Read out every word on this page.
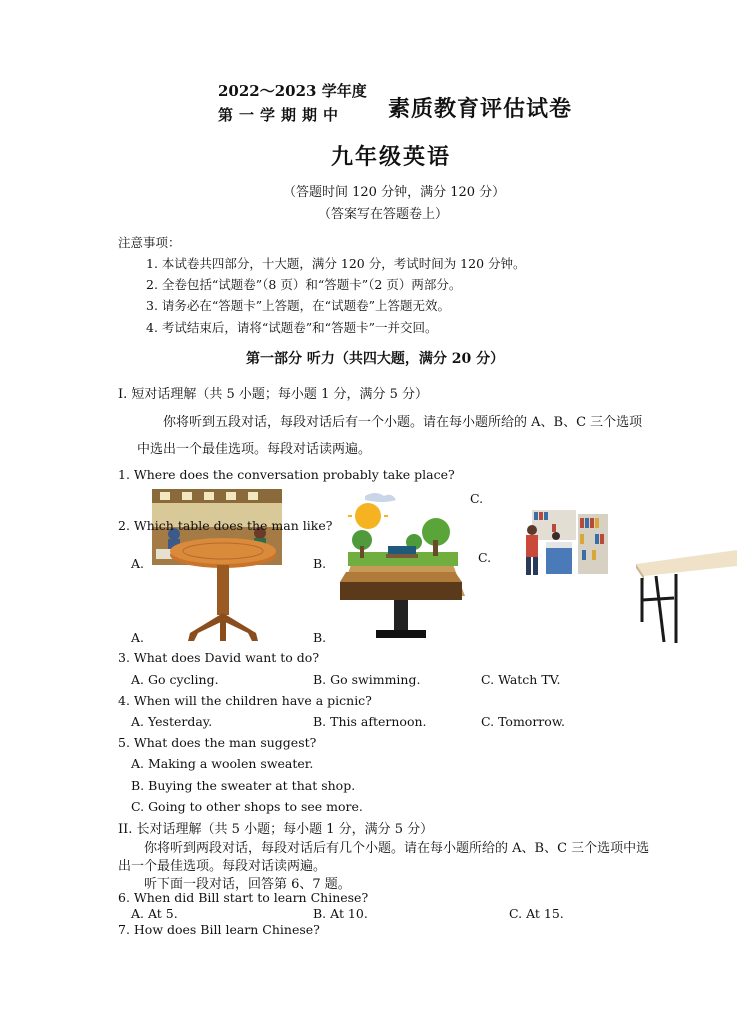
2022～2023 学年度
第一学期期中 素质教育评估试卷
九年级英语
（答题时间 120 分钟，满分 120 分）
（答案写在答题卷上）
注意事项：
1. 本试卷共四部分，十大题，满分 120 分，考试时间为 120 分钟。
2. 全卷包括“试题卷”（8 页）和“答题卡”（2 页）两部分。
3. 请务必在“答题卡”上答题，在“试题卷”上答题无效。
4. 考试结束后，请将“试题卷”和“答题卡”一并交回。
第一部分 听力（共四大题，满分 20 分）
I. 短对话理解（共 5 小题；每小题 1 分，满分 5 分）
你将听到五段对话，每段对话后有一个小题。请在每小题所给的 A、B、C 三个选项
中选出一个最佳选项。每段对话读两遍。
1. Where does the conversation probably take place?
C.
2. Which table does the man like?
A.	B.	C.
A.	B.
3. What does David want to do?
A. Go cycling.	B. Go swimming.	C. Watch TV.
4. When will the children have a picnic?
A. Yesterday.	B. This afternoon.	C. Tomorrow.
5. What does the man suggest?
A. Making a woolen sweater.
B. Buying the sweater at that shop.
C. Going to other shops to see more.
II. 长对话理解（共 5 小题；每小题 1 分，满分 5 分）
你将听到两段对话，每段对话后有几个小题。请在每小题所给的 A、B、C 三个选项中选
出一个最佳选项。每段对话读两遍。
听下面一段对话，回答第 6、7 题。
6. When did Bill start to learn Chinese?
A. At 5.	B. At 10.	C. At 15.
7. How does Bill learn Chinese?
